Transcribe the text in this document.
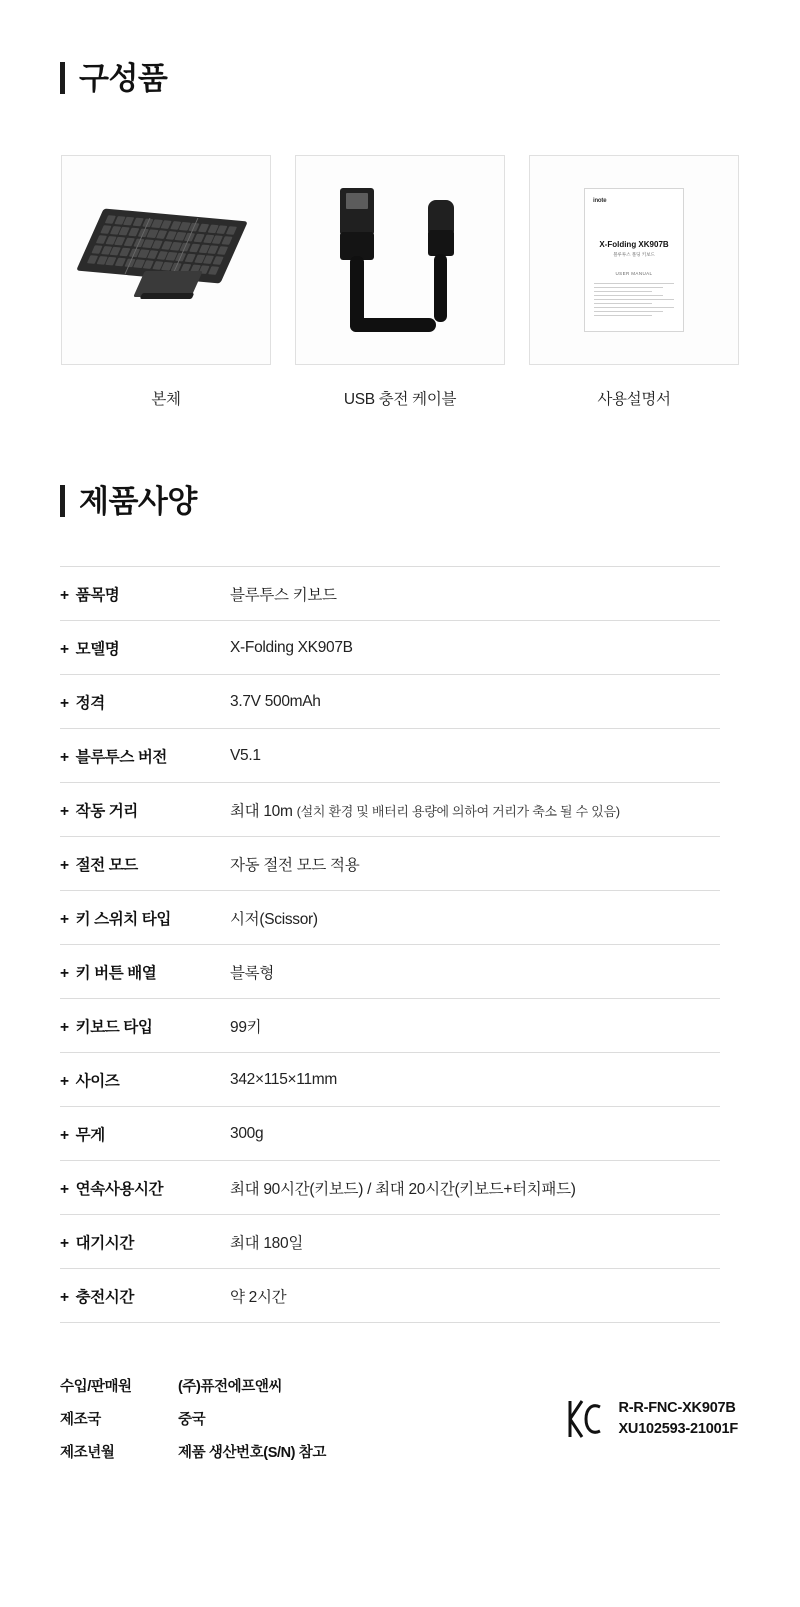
구성품
본체	USB 충전 케이블
inote
X-Folding XK907B
블루투스 폴딩 키보드
USER MANUAL
사용설명서
제품사양
+ 품목명	블루투스 키보드
+ 모델명	X-Folding XK907B
+ 정격	3.7V 500mAh
+ 블루투스 버전	V5.1
+ 작동 거리	최대 10m (설치 환경 및 배터리 용량에 의하여 거리가 축소 될 수 있음)
+ 절전 모드	자동 절전 모드 적용
+ 키 스위치 타입	시저(Scissor)
+ 키 버튼 배열	블록형
+ 키보드 타입	99키
+ 사이즈	342×115×11mm
+ 무게	300g
+ 연속사용시간	최대 90시간(키보드) / 최대 20시간(키보드+터치패드)
+ 대기시간	최대 180일
+ 충전시간	약 2시간
수입/판매원	(주)퓨전에프앤씨
제조국	중국
제조년월	제품 생산번호(S/N) 참고
R-R-FNC-XK907B
XU102593-21001F
